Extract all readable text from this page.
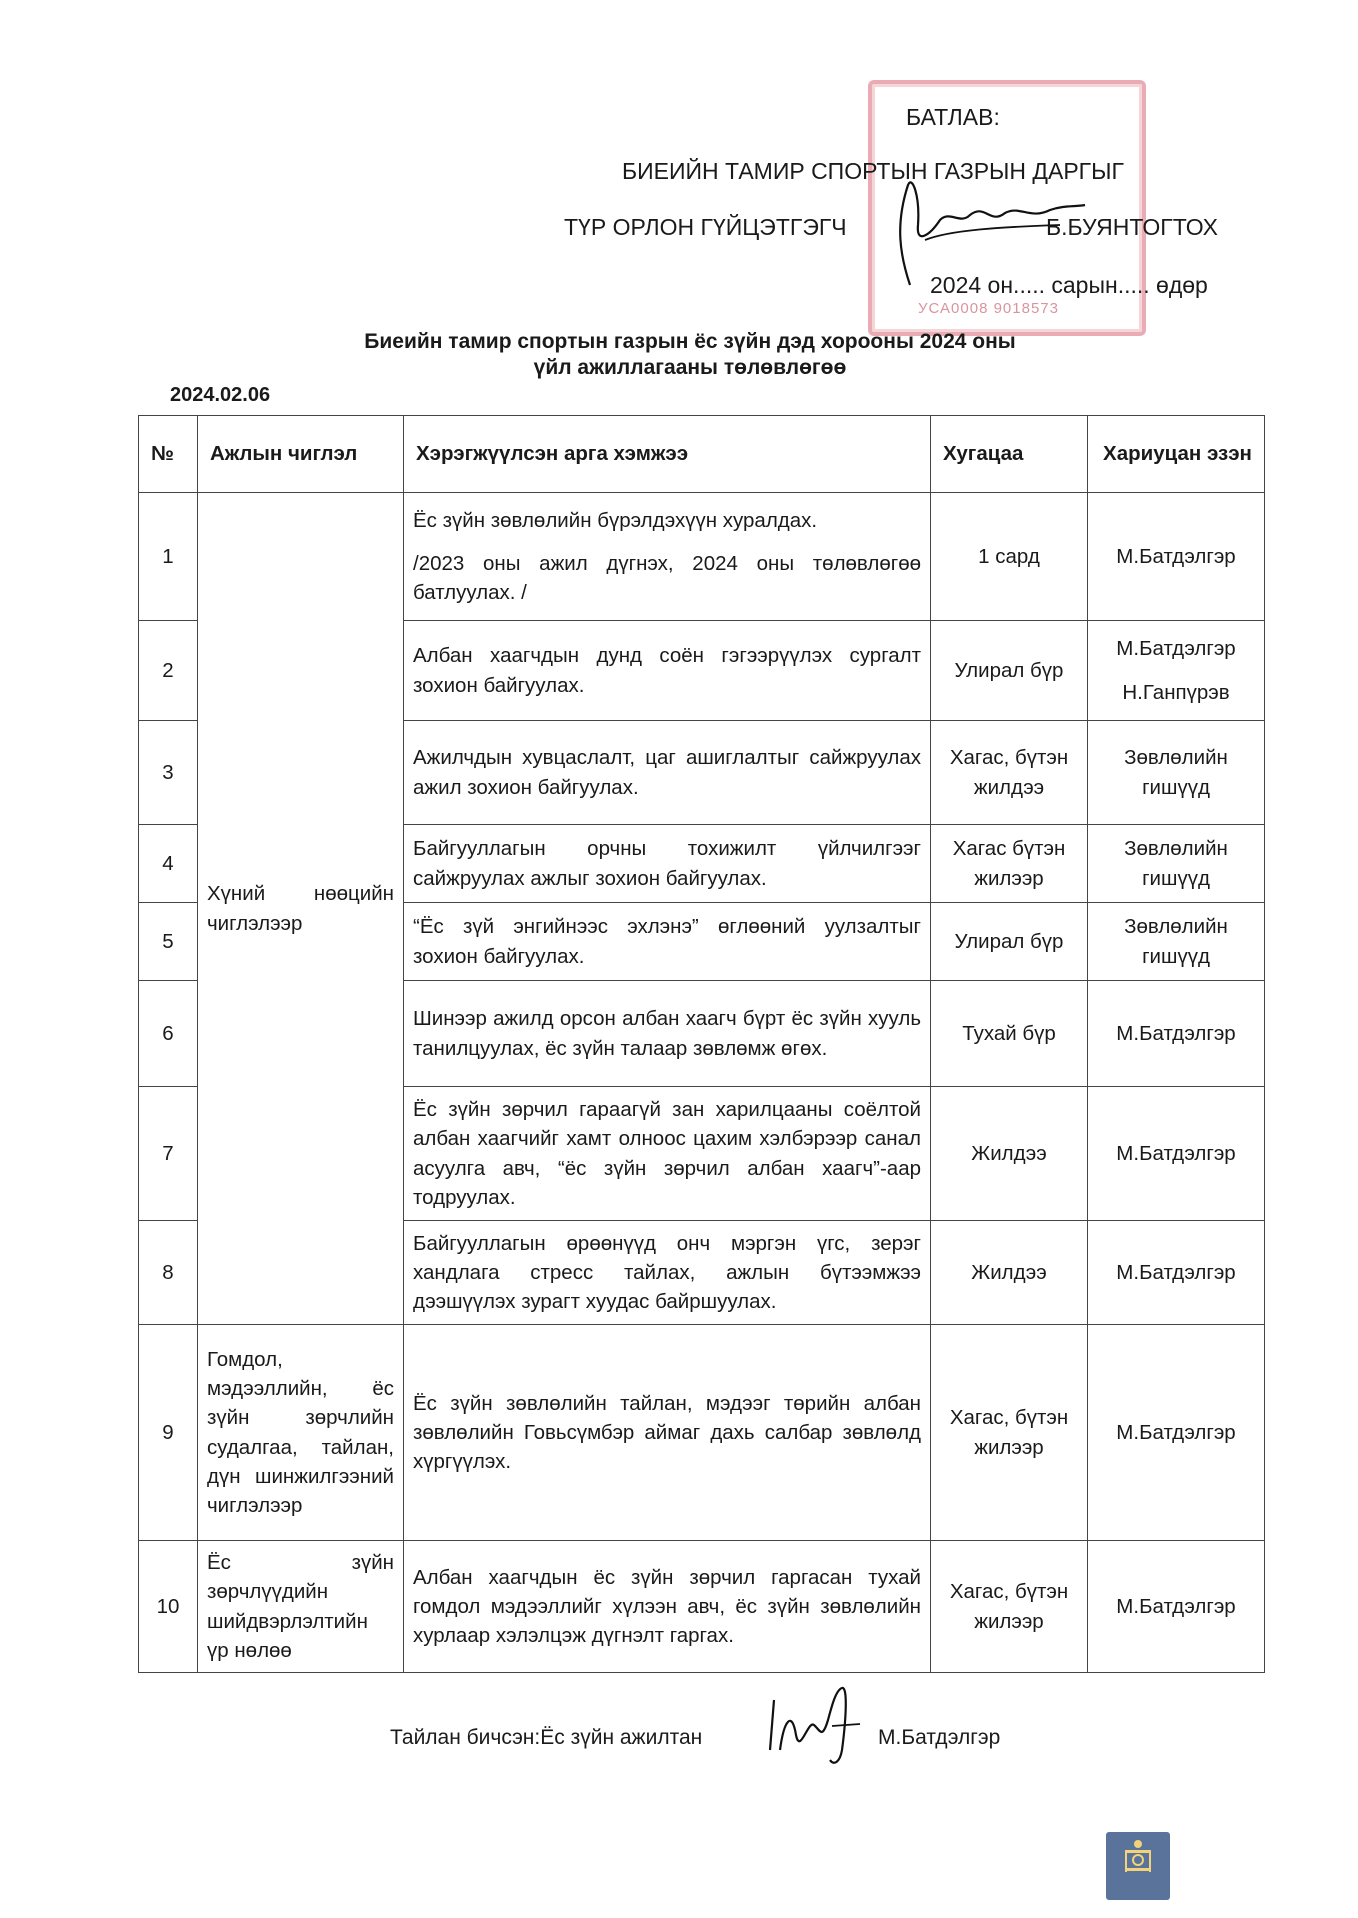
УСА0008 9018573
БАТЛАВ:
БИЕИЙН ТАМИР СПОРТЫН ГАЗРЫН ДАРГЫГ
ТҮР ОРЛОН ГҮЙЦЭТГЭГЧ	Б.БУЯНТОГТОХ
2024 он..... сарын..... өдөр
Биеийн тамир спортын газрын ёс зүйн дэд хорооны 2024 оны
үйл ажиллагааны төлөвлөгөө
2024.02.06
№	Ажлын чиглэл	Хэрэгжүүлсэн арга хэмжээ	Хугацаа	Хариуцан эзэн
1	Хүний нөөцийн чиглэлээр	Ёс зүйн зөвлөлийн бүрэлдэхүүн хуралдах.
/2023 оны ажил дүгнэх, 2024 оны төлөвлөгөө батлуулах. /	1 сард	М.Батдэлгэр
2		Албан хаагчдын дунд соён гэгээрүүлэх сургалт зохион байгуулах.	Улирал бүр	М.Батдэлгэр
Н.Ганпүрэв

3		Ажилчдын хувцаслалт, цаг ашиглалтыг сайжруулах ажил зохион байгуулах.	Хагас, бүтэн жилдээ	Зөвлөлийн гишүүд
4		Байгууллагын орчны тохижилт үйлчилгээг сайжруулах ажлыг зохион байгуулах.	Хагас бүтэн жилээр	Зөвлөлийн гишүүд
5		“Ёс зүй энгийнээс эхлэнэ” өглөөний уулзалтыг зохион байгуулах.	Улирал бүр	Зөвлөлийн гишүүд
6		Шинээр ажилд орсон албан хаагч бүрт ёс зүйн хууль танилцуулах, ёс зүйн талаар зөвлөмж өгөх.	Тухай бүр	М.Батдэлгэр
7		Ёс зүйн зөрчил гараагүй зан харилцааны соёлтой албан хаагчийг хамт олноос цахим хэлбэрээр санал асуулга авч, “ёс зүйн зөрчил албан хаагч”-аар тодруулах.	Жилдээ	М.Батдэлгэр
8		Байгууллагын өрөөнүүд онч мэргэн үгс, зерэг хандлага стресс тайлах, ажлын бүтээмжээ дээшүүлэх зурагт хуудас байршуулах.	Жилдээ	М.Батдэлгэр
9	Гомдол, мэдээллийн, ёс зүйн зөрчлийн судалгаа, тайлан, дүн шинжилгээний чиглэлээр	Ёс зүйн зөвлөлийн тайлан, мэдээг төрийн албан зөвлөлийн Говьсүмбэр аймаг дахь салбар зөвлөлд хүргүүлэх.	Хагас, бүтэн жилээр	М.Батдэлгэр
10	Ёс зүйн зөрчлүүдийн шийдвэрлэлтийн үр нөлөө	Албан хаагчдын ёс зүйн зөрчил гаргасан тухай гомдол мэдээллийг хүлээн авч, ёс зүйн зөвлөлийн хурлаар хэлэлцэж дүгнэлт гаргах.	Хагас, бүтэн жилээр	М.Батдэлгэр
Тайлан бичсэн:Ёс зүйн ажилтан	М.Батдэлгэр
